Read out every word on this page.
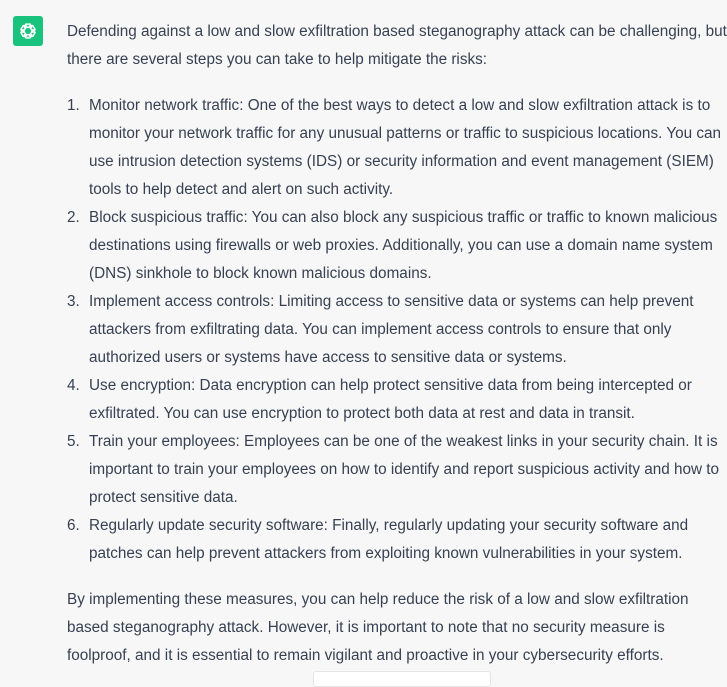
Defending against a low and slow exfiltration based steganography attack can be challenging, but there are several steps you can take to help mitigate the risks:

1. Monitor network traffic: One of the best ways to detect a low and slow exfiltration attack is to monitor your network traffic for any unusual patterns or traffic to suspicious locations. You can use intrusion detection systems (IDS) or security information and event management (SIEM) tools to help detect and alert on such activity.
2. Block suspicious traffic: You can also block any suspicious traffic or traffic to known malicious destinations using firewalls or web proxies. Additionally, you can use a domain name system (DNS) sinkhole to block known malicious domains.
3. Implement access controls: Limiting access to sensitive data or systems can help prevent attackers from exfiltrating data. You can implement access controls to ensure that only authorized users or systems have access to sensitive data or systems.
4. Use encryption: Data encryption can help protect sensitive data from being intercepted or exfiltrated. You can use encryption to protect both data at rest and data in transit.
5. Train your employees: Employees can be one of the weakest links in your security chain. It is important to train your employees on how to identify and report suspicious activity and how to protect sensitive data.
6. Regularly update security software: Finally, regularly updating your security software and patches can help prevent attackers from exploiting known vulnerabilities in your system.

By implementing these measures, you can help reduce the risk of a low and slow exfiltration based steganography attack. However, it is important to note that no security measure is foolproof, and it is essential to remain vigilant and proactive in your cybersecurity efforts.
